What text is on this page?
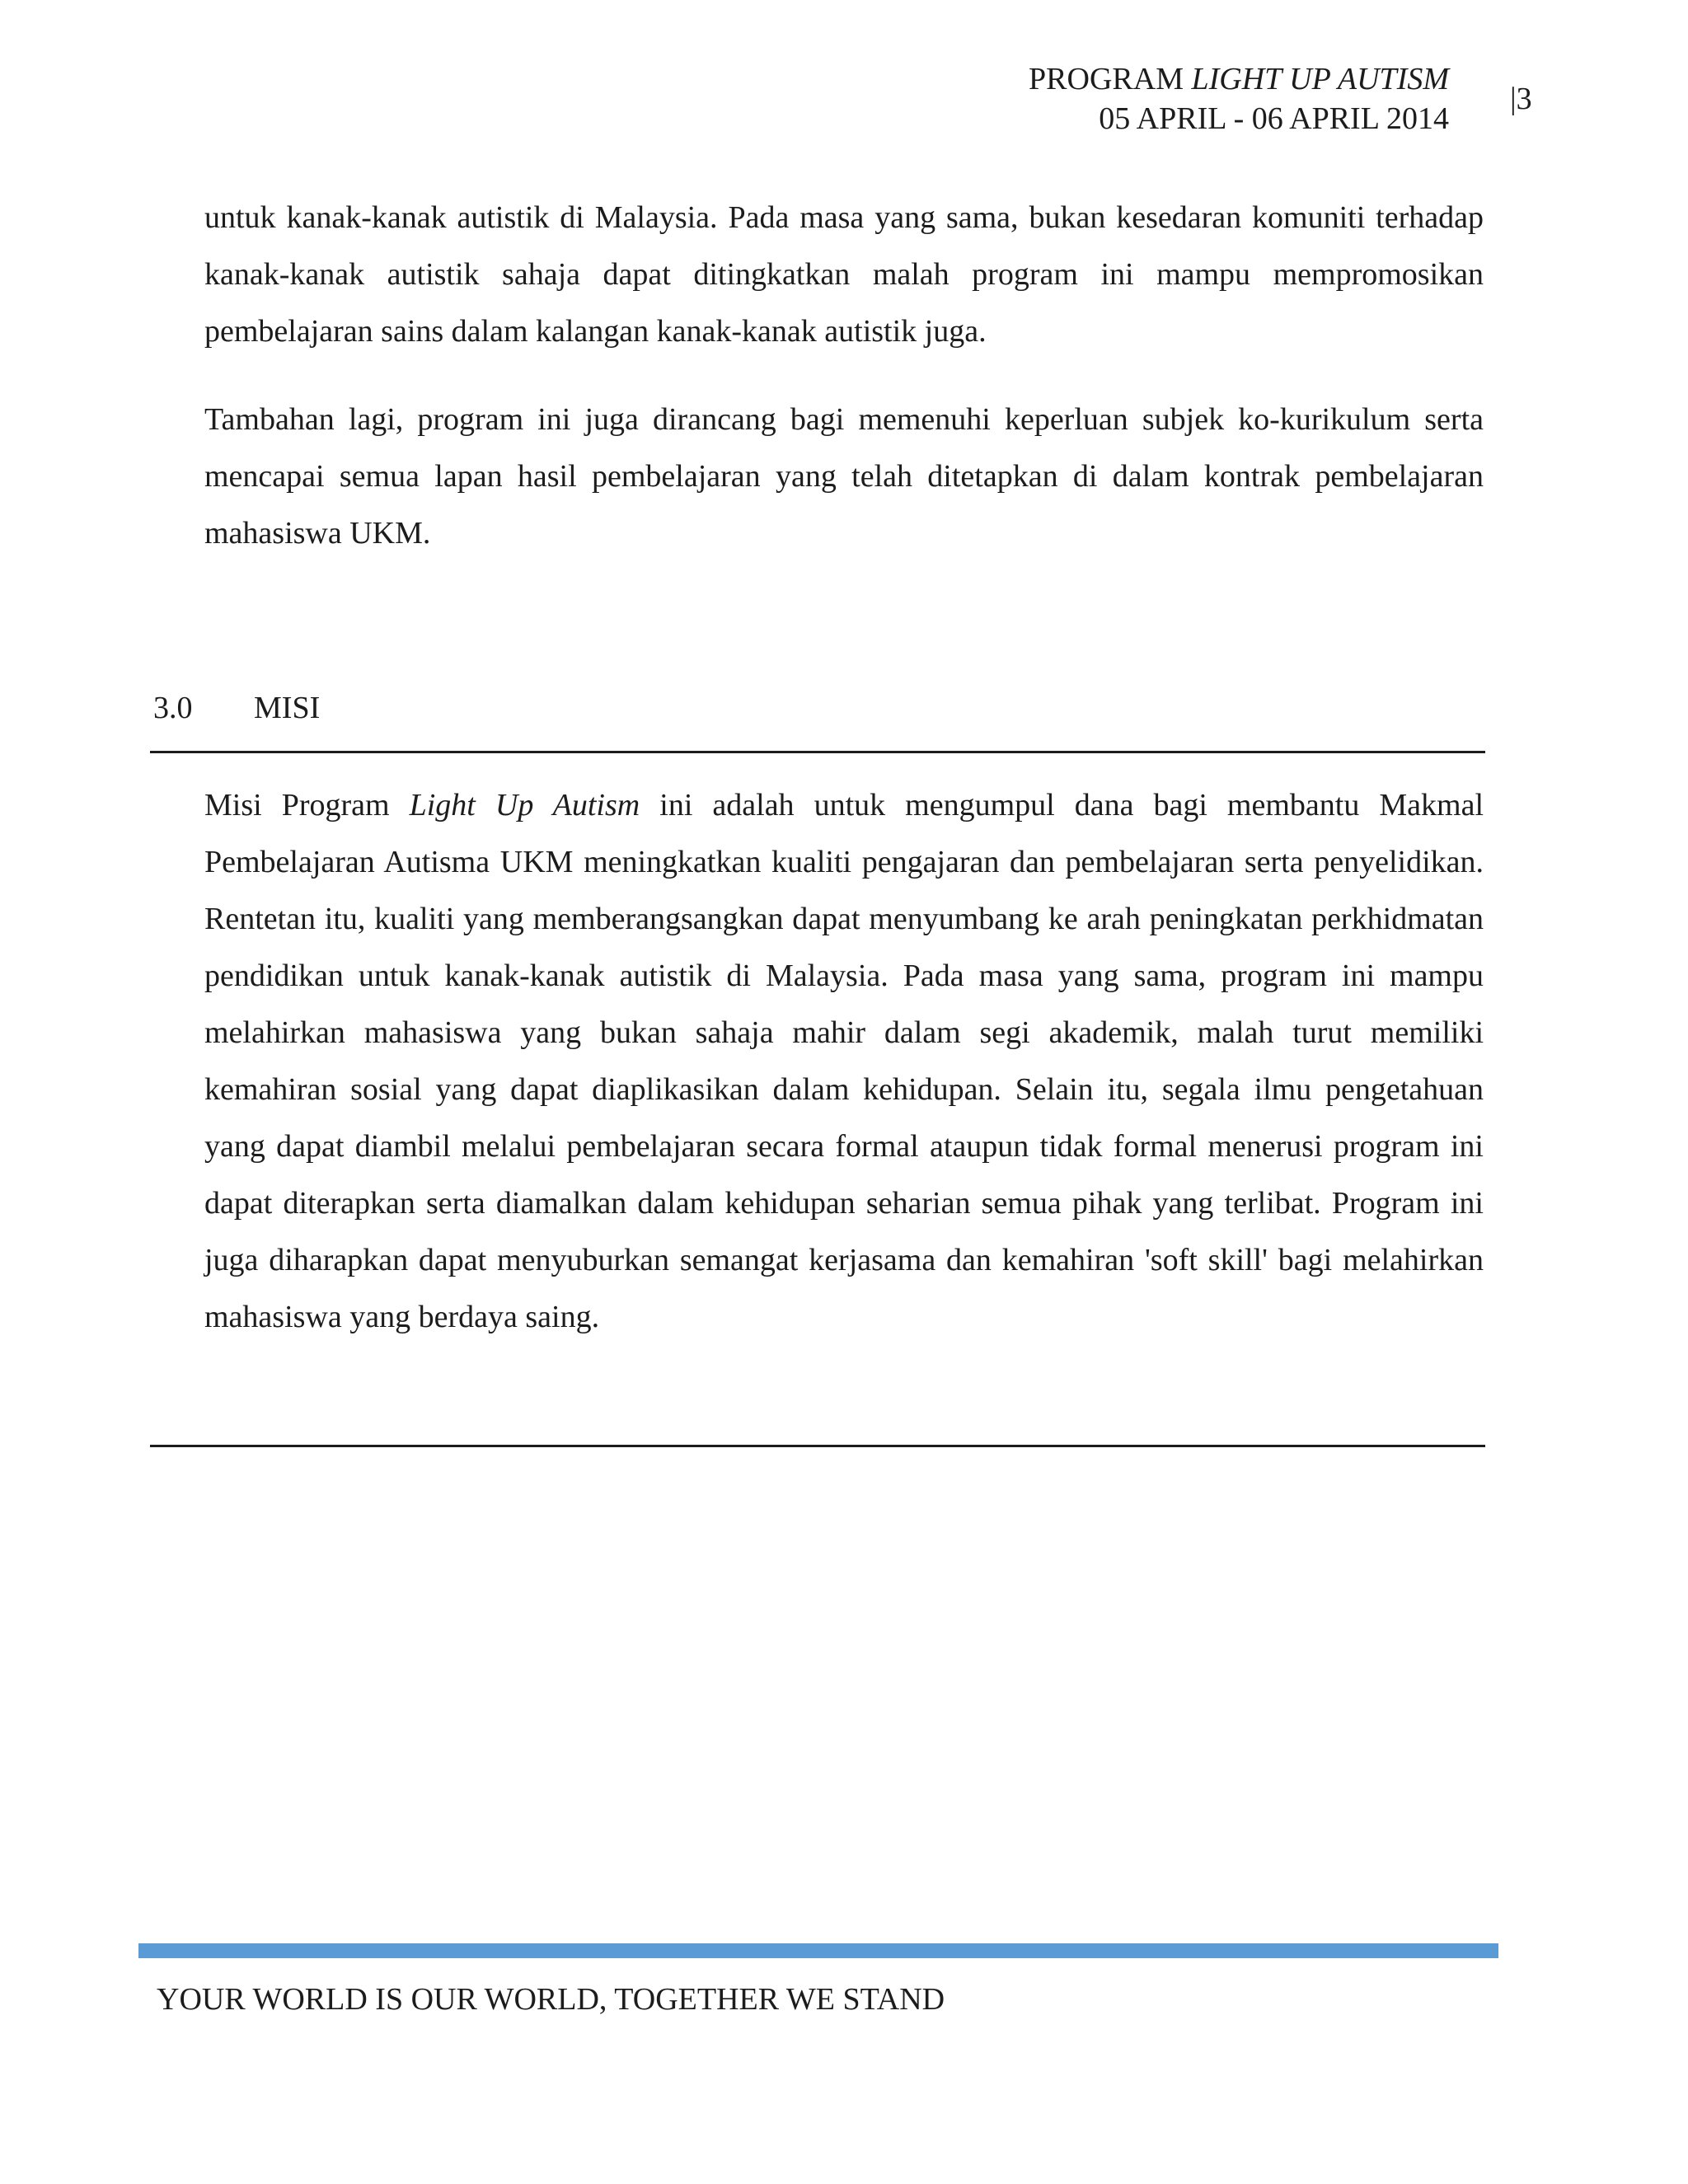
PROGRAM LIGHT UP AUTISM
05 APRIL - 06 APRIL 2014
|3

untuk kanak-kanak autistik di Malaysia. Pada masa yang sama, bukan kesedaran komuniti terhadap kanak-kanak autistik sahaja dapat ditingkatkan malah program ini mampu mempromosikan pembelajaran sains dalam kalangan kanak-kanak autistik juga.

Tambahan lagi, program ini juga dirancang bagi memenuhi keperluan subjek ko-kurikulum serta mencapai semua lapan hasil pembelajaran yang telah ditetapkan di dalam kontrak pembelajaran mahasiswa UKM.

3.0 MISI

Misi Program Light Up Autism ini adalah untuk mengumpul dana bagi membantu Makmal Pembelajaran Autisma UKM meningkatkan kualiti pengajaran dan pembelajaran serta penyelidikan. Rentetan itu, kualiti yang memberangsangkan dapat menyumbang ke arah peningkatan perkhidmatan pendidikan untuk kanak-kanak autistik di Malaysia. Pada masa yang sama, program ini mampu melahirkan mahasiswa yang bukan sahaja mahir dalam segi akademik, malah turut memiliki kemahiran sosial yang dapat diaplikasikan dalam kehidupan. Selain itu, segala ilmu pengetahuan yang dapat diambil melalui pembelajaran secara formal ataupun tidak formal menerusi program ini dapat diterapkan serta diamalkan dalam kehidupan seharian semua pihak yang terlibat. Program ini juga diharapkan dapat menyuburkan semangat kerjasama dan kemahiran 'soft skill' bagi melahirkan mahasiswa yang berdaya saing.

YOUR WORLD IS OUR WORLD, TOGETHER WE STAND
